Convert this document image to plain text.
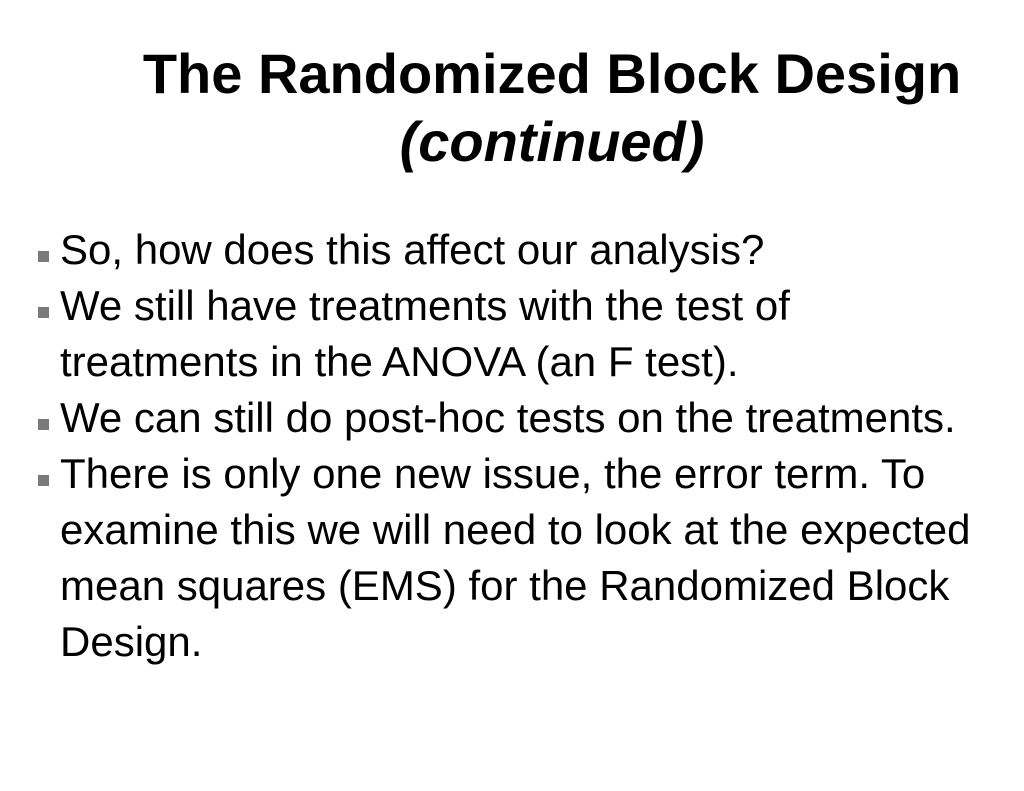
The Randomized Block Design
(continued)
So, how does this affect our analysis?
We still have treatments with the test of
treatments in the ANOVA (an F test).
We can still do post-hoc tests on the treatments.
There is only one new issue, the error term. To
examine this we will need to look at the expected
mean squares (EMS) for the Randomized Block
Design.
